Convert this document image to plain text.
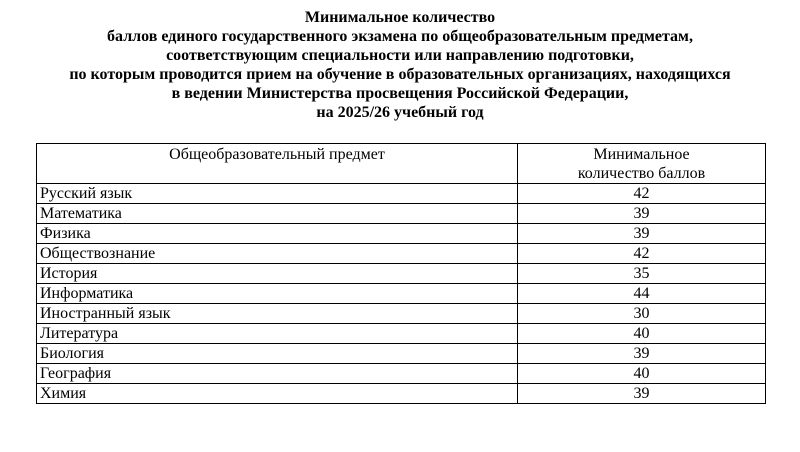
Минимальное количество
баллов единого государственного экзамена по общеобразовательным предметам,
соответствующим специальности или направлению подготовки,
по которым проводится прием на обучение в образовательных организациях, находящихся
в ведении Министерства просвещения Российской Федерации,
на 2025/26 учебный год
Общеобразовательный предмет	Минимальное
количество баллов
Русский язык	42
Математика	39
Физика	39
Обществознание	42
История	35
Информатика	44
Иностранный язык	30
Литература	40
Биология	39
География	40
Химия	39
